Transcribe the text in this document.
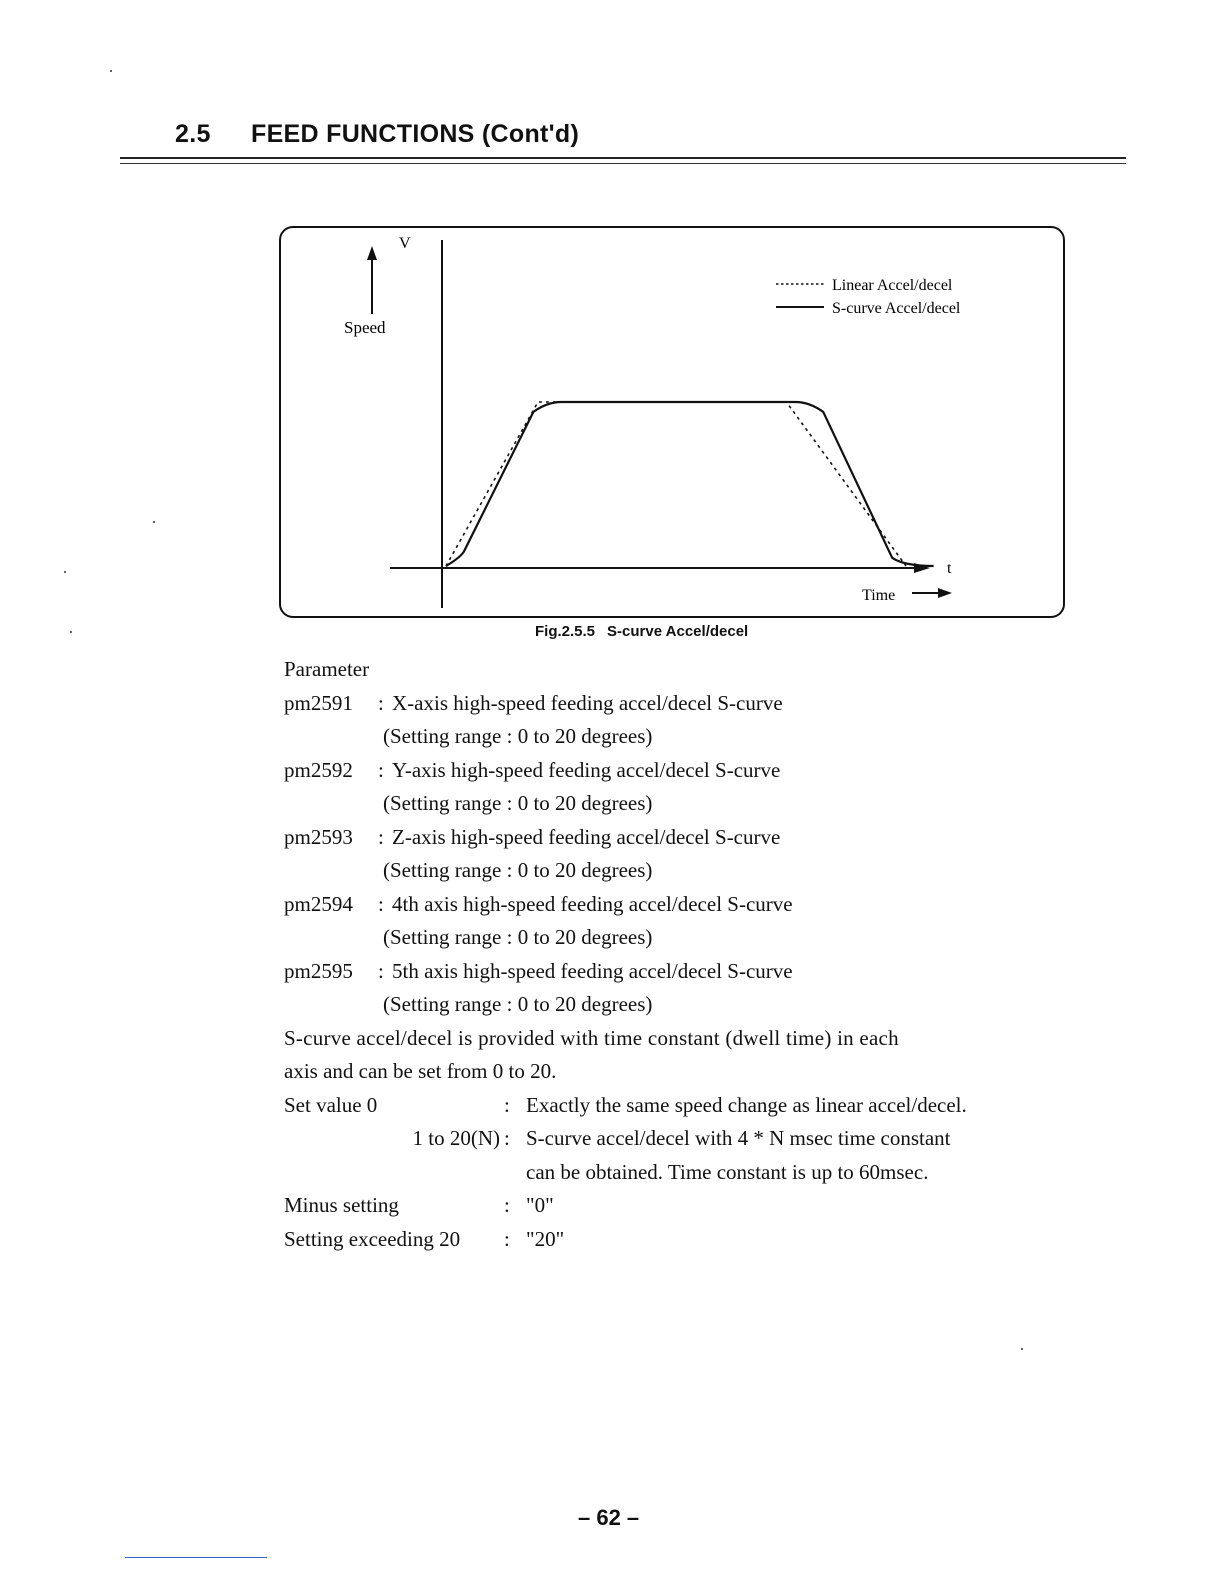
2.5 FEED FUNCTIONS (Cont'd)
V
Speed
t
Linear Accel/decel
S-curve Accel/decel
Time
Fig.2.5.5 S-curve Accel/decel
Parameter
pm2591 : X-axis high-speed feeding accel/decel S-curve
(Setting range : 0 to 20 degrees)
pm2592 : Y-axis high-speed feeding accel/decel S-curve
(Setting range : 0 to 20 degrees)
pm2593 : Z-axis high-speed feeding accel/decel S-curve
(Setting range : 0 to 20 degrees)
pm2594 : 4th axis high-speed feeding accel/decel S-curve
(Setting range : 0 to 20 degrees)
pm2595 : 5th axis high-speed feeding accel/decel S-curve
(Setting range : 0 to 20 degrees)
S-curve accel/decel is provided with time constant (dwell time) in each
axis and can be set from 0 to 20.
Set value 0	: Exactly the same speed change as linear accel/decel.
1 to 20(N) : S-curve accel/decel with 4 * N msec time constant
can be obtained. Time constant is up to 60msec.
Minus setting	: "0"
Setting exceeding 20 : "20"
– 62 –
